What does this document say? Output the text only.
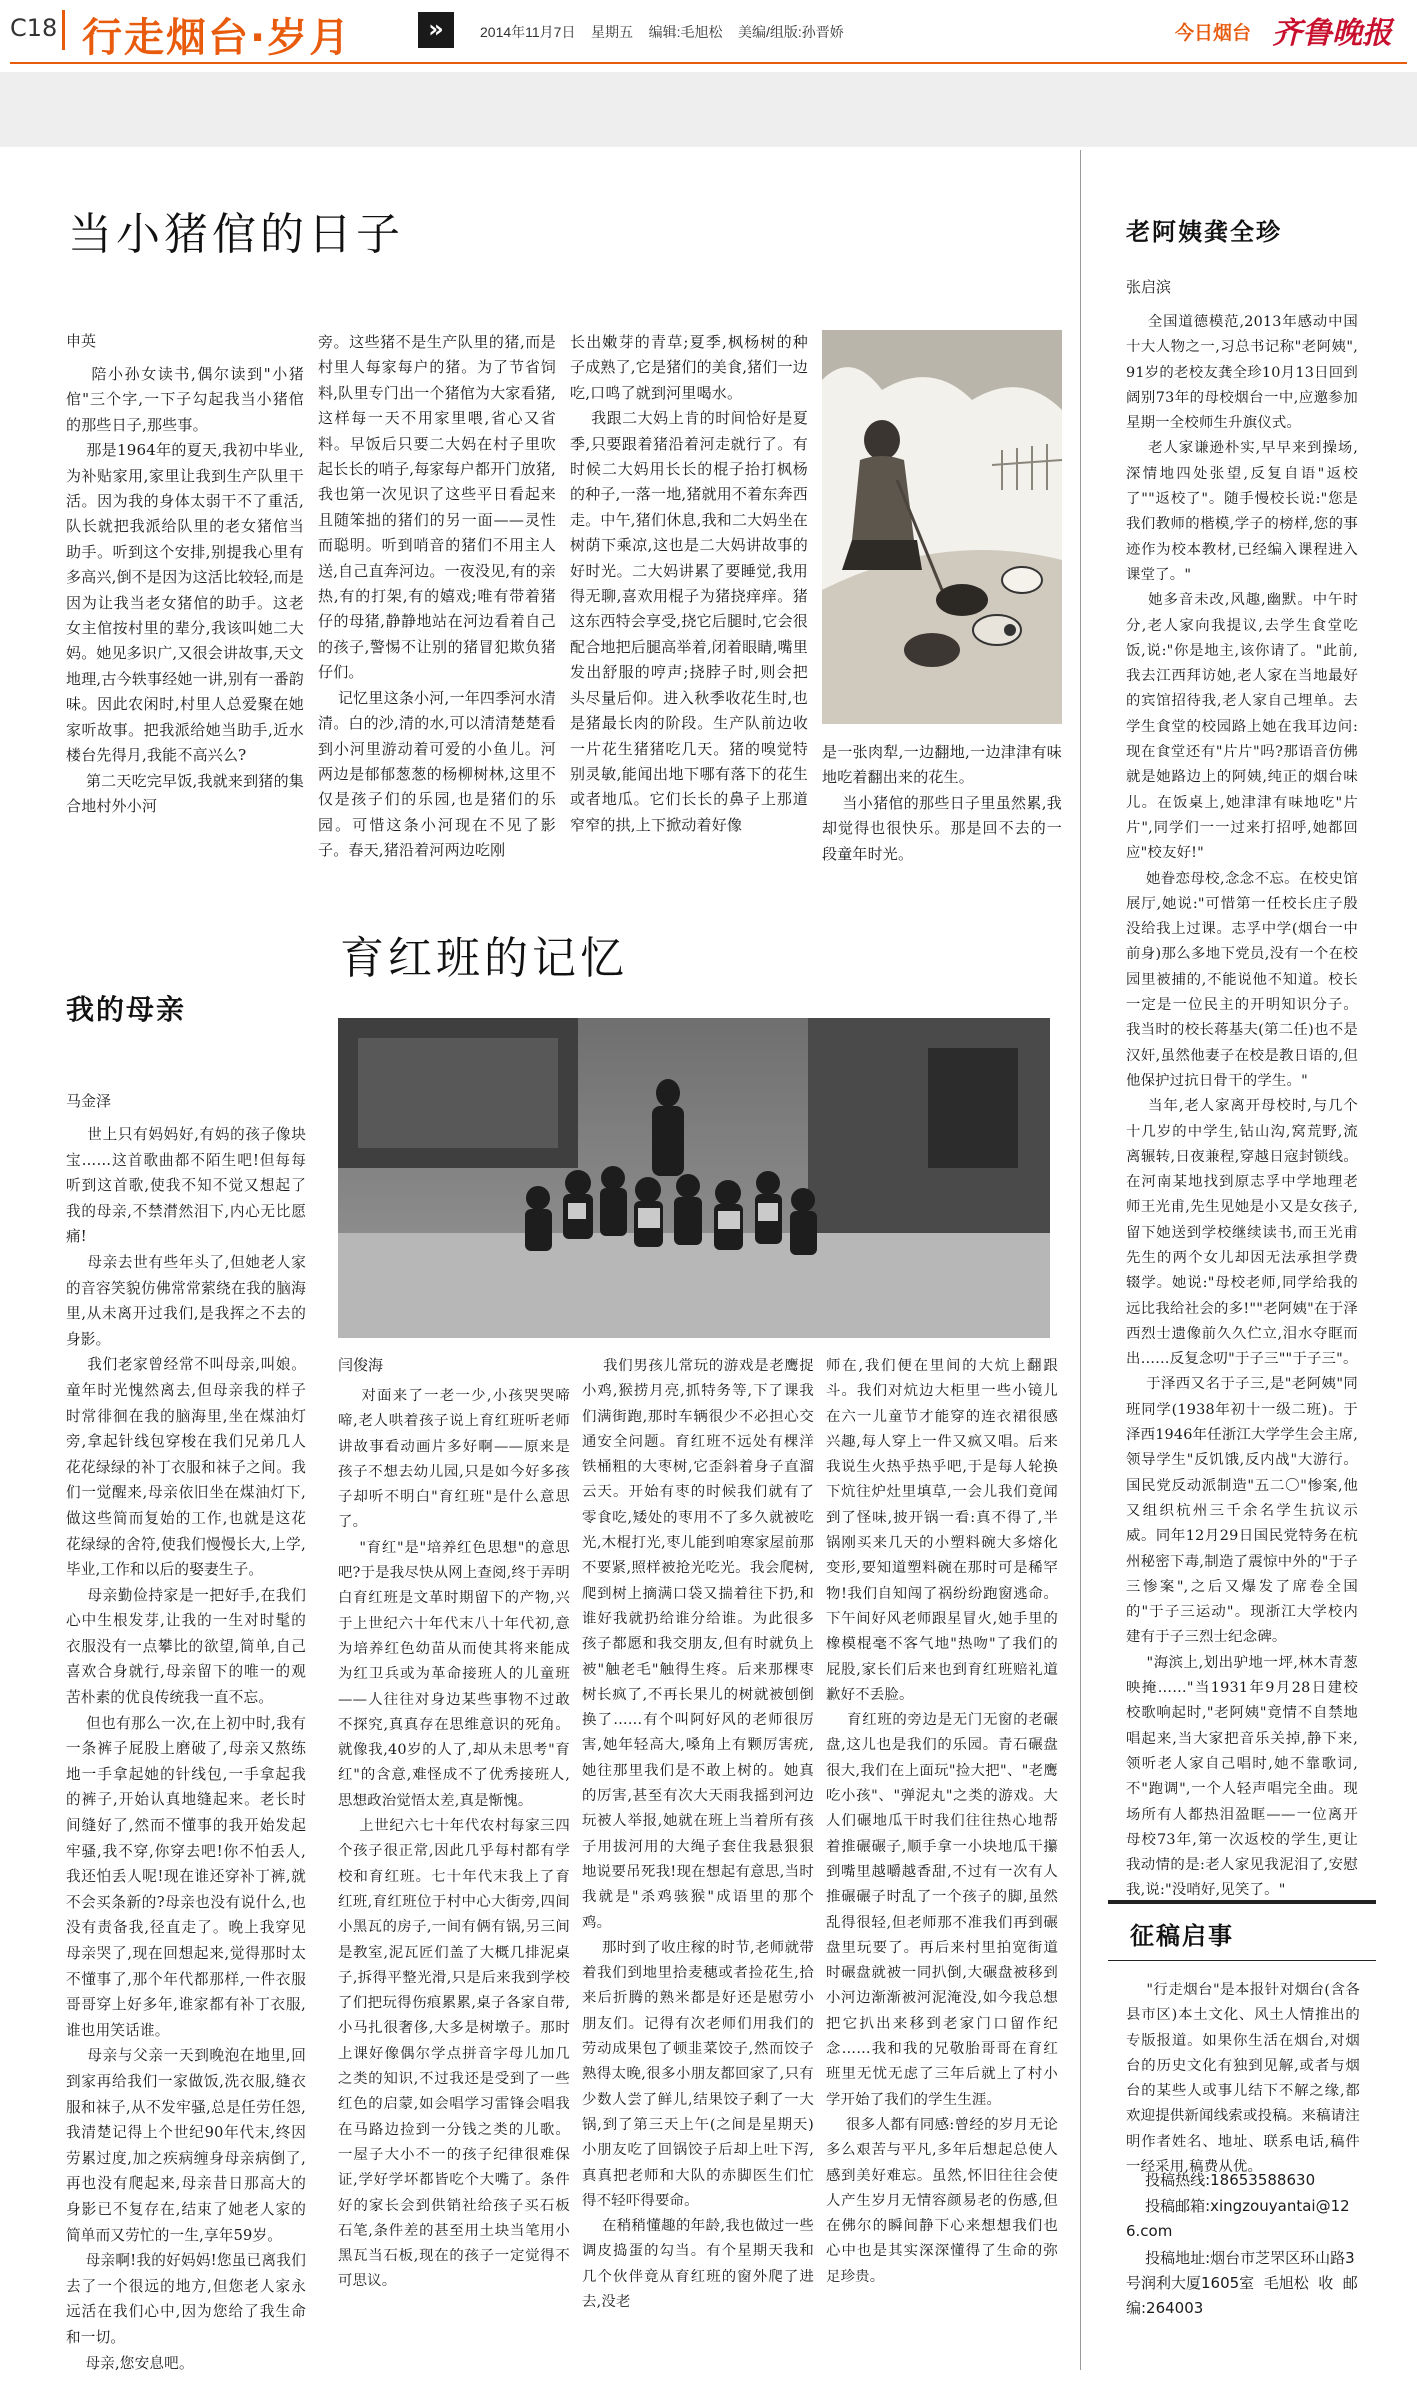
C18 行走烟台·岁月	»	2014年11月7日    星期五    编辑:毛旭松    美编/组版:孙晋娇	今日烟台 齐鲁晚报
当小猪倌的日子
申英
陪小孙女读书,偶尔读到"小猪倌"三个字,一下子勾起我当小猪倌的那些日子,那些事。
那是1964年的夏天,我初中毕业,为补贴家用,家里让我到生产队里干活。因为我的身体太弱干不了重活,队长就把我派给队里的老女猪倌当助手。听到这个安排,别提我心里有多高兴,倒不是因为这活比较轻,而是因为让我当老女猪倌的助手。这老女主倌按村里的辈分,我该叫她二大妈。她见多识广,又很会讲故事,天文地理,古今轶事经她一讲,别有一番韵味。因此农闲时,村里人总爱聚在她家听故事。把我派给她当助手,近水楼台先得月,我能不高兴么?
第二天吃完早饭,我就来到猪的集合地村外小河
旁。这些猪不是生产队里的猪,而是村里人每家每户的猪。为了节省饲料,队里专门出一个猪倌为大家看猪,这样每一天不用家里喂,省心又省料。早饭后只要二大妈在村子里吹起长长的哨子,每家每户都开门放猪,我也第一次见识了这些平日看起来且随笨拙的猪们的另一面——灵性而聪明。听到哨音的猪们不用主人送,自己直奔河边。一夜没见,有的亲热,有的打架,有的嬉戏;唯有带着猪仔的母猪,静静地站在河边看着自己的孩子,警惕不让别的猪冒犯欺负猪仔们。
记忆里这条小河,一年四季河水清清。白的沙,清的水,可以清清楚楚看到小河里游动着可爱的小鱼儿。河两边是郁郁葱葱的杨柳树林,这里不仅是孩子们的乐园,也是猪们的乐园。可惜这条小河现在不见了影子。春天,猪沿着河两边吃刚
长出嫩芽的青草;夏季,枫杨树的种子成熟了,它是猪们的美食,猪们一边吃,口鸣了就到河里喝水。
我跟二大妈上肯的时间恰好是夏季,只要跟着猪沿着河走就行了。有时候二大妈用长长的棍子抬打枫杨的种子,一落一地,猪就用不着东奔西走。中午,猪们休息,我和二大妈坐在树荫下乘凉,这也是二大妈讲故事的好时光。二大妈讲累了要睡觉,我用得无聊,喜欢用棍子为猪挠痒痒。猪这东西特会享受,挠它后腿时,它会很配合地把后腿高举着,闭着眼睛,嘴里发出舒服的哼声;挠脖子时,则会把头尽量后仰。进入秋季收花生时,也是猪最长肉的阶段。生产队前边收一片花生猪猪吃几天。猪的嗅觉特别灵敏,能闻出地下哪有落下的花生或者地瓜。它们长长的鼻子上那道窄窄的拱,上下掀动着好像
是一张肉犁,一边翻地,一边津津有味地吃着翻出来的花生。
当小猪倌的那些日子里虽然累,我却觉得也很快乐。那是回不去的一段童年时光。
老阿姨龚全珍
张启滨
全国道德模范,2013年感动中国十大人物之一,习总书记称"老阿姨",91岁的老校友龚全珍10月13日回到阔别73年的母校烟台一中,应邀参加星期一全校师生升旗仪式。
老人家谦逊朴实,早早来到操场,深情地四处张望,反复自语"返校了""返校了"。随手慢校长说:"您是我们教师的楷模,学子的榜样,您的事迹作为校本教材,已经编入课程进入课堂了。"
她多音未改,风趣,幽默。中午时分,老人家向我提议,去学生食堂吃饭,说:"你是地主,该你请了。"此前,我去江西拜访她,老人家在当地最好的宾馆招待我,老人家自己埋单。去学生食堂的校园路上她在我耳边问:现在食堂还有"片片"吗?那语音仿佛就是她路边上的阿姨,纯正的烟台味儿。在饭桌上,她津津有味地吃"片片",同学们一一过来打招呼,她都回应"校友好!"
她眷恋母校,念念不忘。在校史馆展厅,她说:"可惜第一任校长庄子殷没给我上过课。志孚中学(烟台一中前身)那么多地下党员,没有一个在校园里被捕的,不能说他不知道。校长一定是一位民主的开明知识分子。我当时的校长蒋基夫(第二任)也不是汉奸,虽然他妻子在校是教日语的,但他保护过抗日骨干的学生。"
当年,老人家离开母校时,与几个十几岁的中学生,钻山沟,窝荒野,流离辗转,日夜兼程,穿越日寇封锁线。在河南某地找到原志孚中学地理老师王光甫,先生见她是小又是女孩子,留下她送到学校继续读书,而王光甫先生的两个女儿却因无法承担学费辍学。她说:"母校老师,同学给我的远比我给社会的多!""老阿姨"在于泽西烈士遗像前久久伫立,泪水夺眶而出……反复念叨"于子三""于子三"。
于泽西又名于子三,是"老阿姨"同班同学(1938年初十一级二班)。于泽西1946年任浙江大学学生会主席,领导学生"反饥饿,反内战"大游行。国民党反动派制造"五二〇"惨案,他又组织杭州三千余名学生抗议示威。同年12月29日国民党特务在杭州秘密下毒,制造了震惊中外的"于子三惨案",之后又爆发了席卷全国的"于子三运动"。现浙江大学校内建有于子三烈士纪念碑。
"海滨上,划出驴地一坪,林木青葱映掩……"当1931年9月28日建校校歌响起时,"老阿姨"竟情不自禁地唱起来,当大家把音乐关掉,静下来,领听老人家自己唱时,她不靠歌词,不"跑调",一个人轻声唱完全曲。现场所有人都热泪盈眶——一位离开母校73年,第一次返校的学生,更让我动情的是:老人家见我泥泪了,安慰我,说:"没哨好,见笑了。"
我的母亲
马金泽
世上只有妈妈好,有妈的孩子像块宝……这首歌曲都不陌生吧!但每每听到这首歌,使我不知不觉又想起了我的母亲,不禁潸然泪下,内心无比愿痛!
母亲去世有些年头了,但她老人家的音容笑貌仿佛常常萦绕在我的脑海里,从未离开过我们,是我挥之不去的身影。
我们老家曾经常不叫母亲,叫娘。童年时光愧然离去,但母亲我的样子时常徘徊在我的脑海里,坐在煤油灯旁,拿起针线包穿梭在我们兄弟几人花花绿绿的补丁衣服和袜子之间。我们一觉醒来,母亲依旧坐在煤油灯下,做这些简而复始的工作,也就是这花花绿绿的舍符,使我们慢慢长大,上学,毕业,工作和以后的娶妻生子。
母亲勤俭持家是一把好手,在我们心中生根发芽,让我的一生对时髦的衣服没有一点攀比的欲望,简单,自己喜欢合身就行,母亲留下的唯一的观苦朴素的优良传统我一直不忘。
但也有那么一次,在上初中时,我有一条裤子屁股上磨破了,母亲又熬练地一手拿起她的针线包,一手拿起我的裤子,开始认真地缝起来。老长时间缝好了,然而不懂事的我开始发起牢骚,我不穿,你穿去吧!你不怕丢人,我还怕丢人呢!现在谁还穿补丁裤,就不会买条新的?母亲也没有说什么,也没有责备我,径直走了。晚上我穿见母亲哭了,现在回想起来,觉得那时太不懂事了,那个年代都那样,一件衣服哥哥穿上好多年,谁家都有补丁衣服,谁也用笑话谁。
母亲与父亲一天到晚泡在地里,回到家再给我们一家做饭,洗衣服,缝衣服和袜子,从不发牢骚,总是任劳任怨,我清楚记得上个世纪90年代末,终因劳累过度,加之疾病缠身母亲病倒了,再也没有爬起来,母亲昔日那高大的身影已不复存在,结束了她老人家的简单而又劳忙的一生,享年59岁。
母亲啊!我的好妈妈!您虽已离我们去了一个很远的地方,但您老人家永远活在我们心中,因为您给了我生命和一切。
母亲,您安息吧。
育红班的记忆
闫俊海
对面来了一老一少,小孩哭哭啼啼,老人哄着孩子说上育红班听老师讲故事看动画片多好啊——原来是孩子不想去幼儿园,只是如今好多孩子却听不明白"育红班"是什么意思了。
"育红"是"培养红色思想"的意思吧?于是我尽快从网上查阅,终于弄明白育红班是文革时期留下的产物,兴于上世纪六十年代末八十年代初,意为培养红色幼苗从而使其将来能成为红卫兵或为革命接班人的儿童班——人往往对身边某些事物不过敢不探究,真真存在思维意识的死角。就像我,40岁的人了,却从未思考"育红"的含意,难怪成不了优秀接班人,思想政治觉悟太差,真是惭愧。
上世纪六七十年代农村每家三四个孩子很正常,因此几乎每村都有学校和育红班。七十年代末我上了育红班,育红班位于村中心大街旁,四间小黑瓦的房子,一间有俩有锅,另三间是教室,泥瓦匠们盖了大概几排泥桌子,拆得平整光滑,只是后来我到学校了们把玩得伤痕累累,桌子各家自带,小马扎很奢侈,大多是树墩子。那时上课好像偶尔学点拼音字母儿加几之类的知识,不过我还是受到了一些红色的启蒙,如会唱学习雷锋会唱我在马路边捡到一分钱之类的儿歌。一屋子大小不一的孩子纪律很难保证,学好学坏都皆吃个大嘴了。条件好的家长会到供销社给孩子买石板石笔,条件差的甚至用土块当笔用小黑瓦当石板,现在的孩子一定觉得不可思议。
我们男孩儿常玩的游戏是老鹰捉小鸡,猴捞月亮,抓特务等,下了课我们满街跑,那时车辆很少不必担心交通安全问题。育红班不远处有棵洋铁桶粗的大枣树,它歪斜着身子直溜云天。开始有枣的时候我们就有了零食吃,矮处的枣用不了多久就被吃光,木棍打光,枣儿能到咱寒家屋前那不要紧,照样被抢光吃光。我会爬树,爬到树上摘满口袋又揣着往下扔,和谁好我就扔给谁分给谁。为此很多孩子都愿和我交朋友,但有时就负上被"触老毛"触得生疼。后来那棵枣树长疯了,不再长果儿的树就被刨倒换了……有个叫阿好风的老师很厉害,她年轻高大,嗓角上有颗厉害疣,她往那里我们是不敢上树的。她真的厉害,甚至有次大天雨我摇到河边玩被人举报,她就在班上当着所有孩子用拔河用的大绳子套住我悬狠狠地说要吊死我!现在想起有意思,当时我就是"杀鸡骇猴"成语里的那个鸡。
那时到了收庄稼的时节,老师就带着我们到地里拾麦穗或者捡花生,拾来后折腾的熟米都是好还是慰劳小朋友们。记得有次老师们用我们的劳动成果包了顿韭菜饺子,然而饺子熟得太晚,很多小朋友都回家了,只有少数人尝了鲜儿,结果饺子剩了一大锅,到了第三天上午(之间是星期天)小朋友吃了回锅饺子后却上吐下泻,真真把老师和大队的赤脚医生们忙得不轻吓得要命。
在稍稍懂趣的年龄,我也做过一些调皮捣蛋的勾当。有个星期天我和几个伙伴竟从育红班的窗外爬了进去,没老
师在,我们便在里间的大炕上翻跟斗。我们对炕边大柜里一些小镜儿在六一儿童节才能穿的连衣裙很感兴趣,每人穿上一件又疯又唱。后来我说生火热乎热乎吧,于是每人轮换下炕往炉灶里填草,一会儿我们竟闻到了怪味,披开锅一看:真不得了,半锅刚买来几天的小塑料碗大多熔化变形,要知道塑料碗在那时可是稀罕物!我们自知闯了祸纷纷跑窗逃命。下午间好风老师跟星冒火,她手里的橡模棍毫不客气地"热吻"了我们的屁股,家长们后来也到育红班赔礼道歉好不丢脸。
育红班的旁边是无门无窗的老碾盘,这儿也是我们的乐园。青石碾盘很大,我们在上面玩"捡大把"、"老鹰吃小孩"、"弹泥丸"之类的游戏。大人们碾地瓜干时我们往往热心地帮着推碾碾子,顺手拿一小块地瓜干攥到嘴里越嚼越香甜,不过有一次有人推碾碾子时乱了一个孩子的脚,虽然乱得很轻,但老师那不准我们再到碾盘里玩要了。再后来村里拍宽街道时碾盘就被一同扒倒,大碾盘被移到小河边渐渐被河泥淹没,如今我总想把它扒出来移到老家门口留作纪念……我和我的兄敬胎哥哥在育红班里无忧无虑了三年后就上了村小学开始了我们的学生生涯。
很多人都有同感:曾经的岁月无论多么艰苦与平凡,多年后想起总使人感到美好难忘。虽然,怀旧往往会使人产生岁月无情容颜易老的伤感,但在佛尔的瞬间静下心来想想我们也心中也是其实深深懂得了生命的弥足珍贵。
征稿启事
"行走烟台"是本报针对烟台(含各县市区)本土文化、风土人情推出的专版报道。如果你生活在烟台,对烟台的历史文化有独到见解,或者与烟台的某些人或事儿结下不解之缘,都欢迎提供新闻线索或投稿。来稿请注明作者姓名、地址、联系电话,稿件一经采用,稿费从优。
投稿热线:18653588630
投稿邮箱:xingzouyantai@126.com
投稿地址:烟台市芝罘区环山路3号润利大厦1605室  毛旭松  收  邮编:264003
